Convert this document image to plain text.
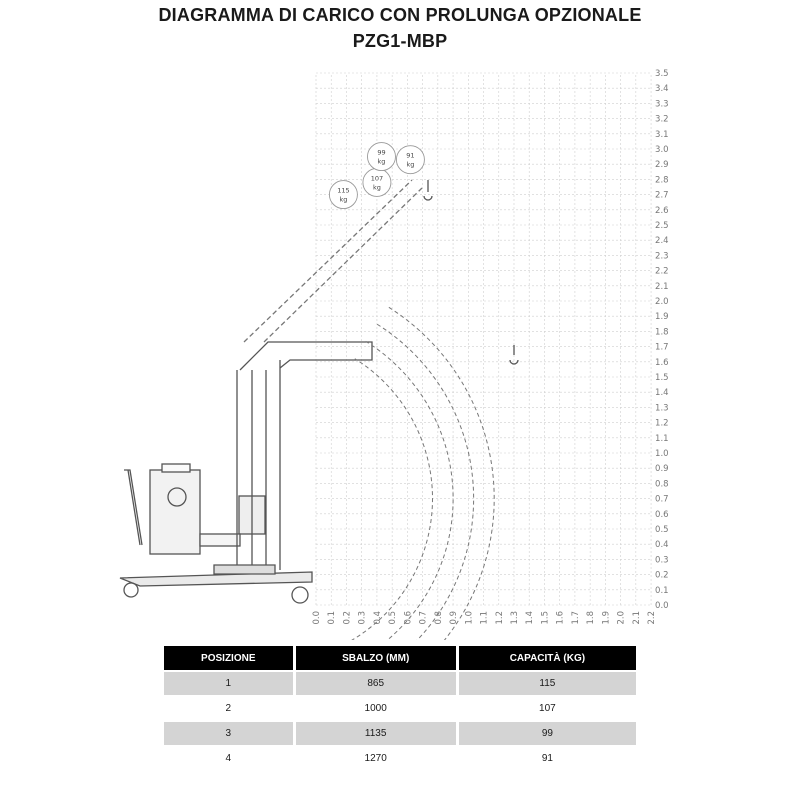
DIAGRAMMA DI CARICO CON PROLUNGA OPZIONALE
PZG1-MBP
0.0
0.1
0.2
0.3
0.4
0.5
0.6
0.7
0.8
0.9
1.0
1.1
1.2
1.3
1.4
1.5
1.6
1.7
1.8
1.9
2.0
2.1
2.2
2.3
2.4
2.5
2.6
2.7
2.8
2.9
3.0
3.1
3.2
3.3
3.4
3.5
0.0 0.1 0.2 0.3 0.4 0.5 0.6 0.7 0.8 0.9 1.0 1.1 1.2 1.3 1.4 1.5 1.6 1.7 1.8 1.9 2.0 2.1 2.2
115
kg
107
kg
99
kg
91
kg
POSIZIONE	SBALZO (MM)	CAPACITÀ (KG)
1	865	115
2	1000	107
3	1135	99
4	1270	91
